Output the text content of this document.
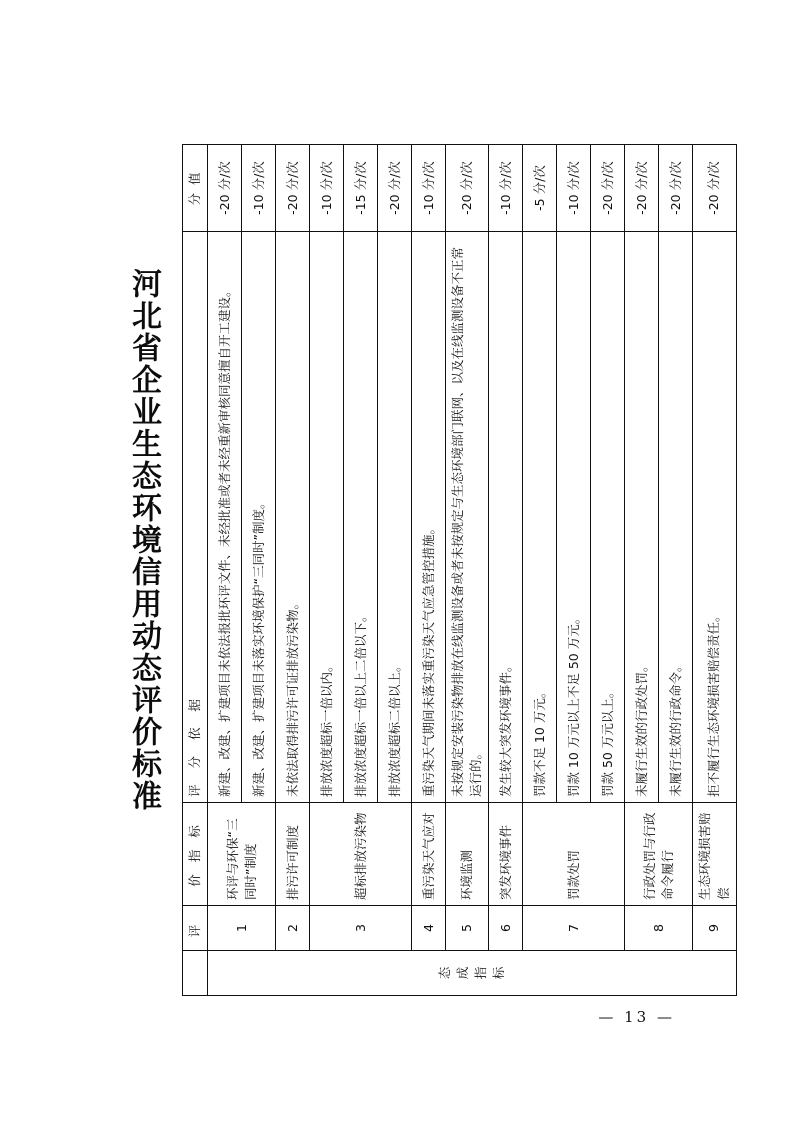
河北省企业生态环境信用动态评价标准
	评	价 指 标	评 分 依 据	分 值

态 成 指 标	1	环评与环保“三同时”制度	新建、改建、扩建项目未依法报批环评文件、未经批准或者未经重新审核同意擅自开工建设。	-20 分/次
			新建、改建、扩建项目未落实环境保护“三同时”制度。	-10 分/次
	2	排污许可制度	未依法取得排污许可证排放污染物。	-20 分/次
	3	超标排放污染物	排放浓度超标一倍以内。	-10 分/次
			排放浓度超标一倍以上二倍以下。	-15 分/次
			排放浓度超标二倍以上。	-20 分/次
	4	重污染天气应对	重污染天气期间未落实重污染天气应急管控措施。	-10 分/次
	5	环境监测	未按规定安装污染物排放在线监测设备或者未按规定与生态环境部门联网、以及在线监测设备不正常运行的。	-20 分/次
	6	突发环境事件	发生较大突发环境事件。	-10 分/次
	7	罚款处罚	罚款不足 10 万元。	-5 分/次
			罚款 10 万元以上不足 50 万元。	-10 分/次
			罚款 50 万元以上。	-20 分/次
	8	行政处罚与行政命令履行	未履行生效的行政处罚。	-20 分/次
			未履行生效的行政命令。	-20 分/次
	9	生态环境损害赔偿	拒不履行生态环境损害赔偿责任。	-20 分/次
— 13 —
